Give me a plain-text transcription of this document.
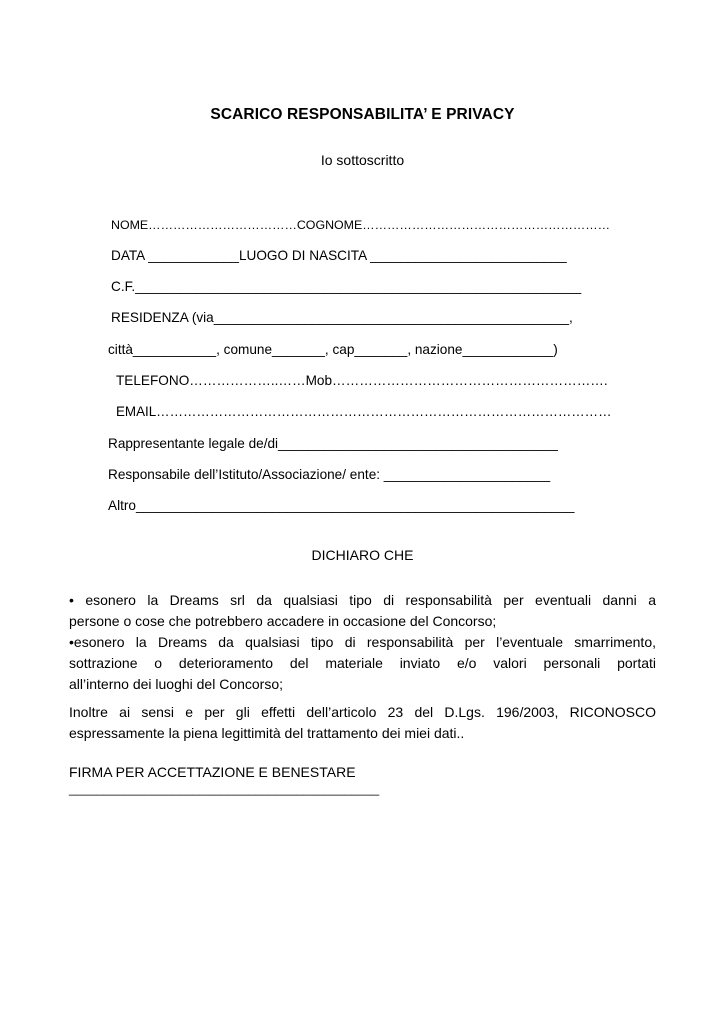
SCARICO RESPONSABILITA’ E PRIVACY
Io sottoscritto
NOME………………………………COGNOME……………………………………………………
DATA ____________LUOGO DI NASCITA __________________________
C.F.___________________________________________________________
RESIDENZA (via_______________________________________________,
città___________, comune_______, cap_______, nazione____________)
TELEFONO………………..……Mob…………………………………………………….
EMAIL…………………………………………………………………………………………
Rappresentante legale de/di_____________________________________
Responsabile dell’Istituto/Associazione/ ente: ______________________
Altro__________________________________________________________
DICHIARO CHE
• esonero la Dreams srl da qualsiasi tipo di responsabilità per eventuali danni a
persone o cose che potrebbero accadere in occasione del Concorso;
•esonero la Dreams da qualsiasi tipo di responsabilità per l’eventuale smarrimento,
sottrazione o deterioramento del materiale inviato e/o valori personali portati
all’interno dei luoghi del Concorso;
Inoltre ai sensi e per gli effetti dell’articolo 23 del D.Lgs. 196/2003, RICONOSCO
espressamente la piena legittimità del trattamento dei miei dati..
FIRMA PER ACCETTAZIONE E BENESTARE
_____________________________________________
